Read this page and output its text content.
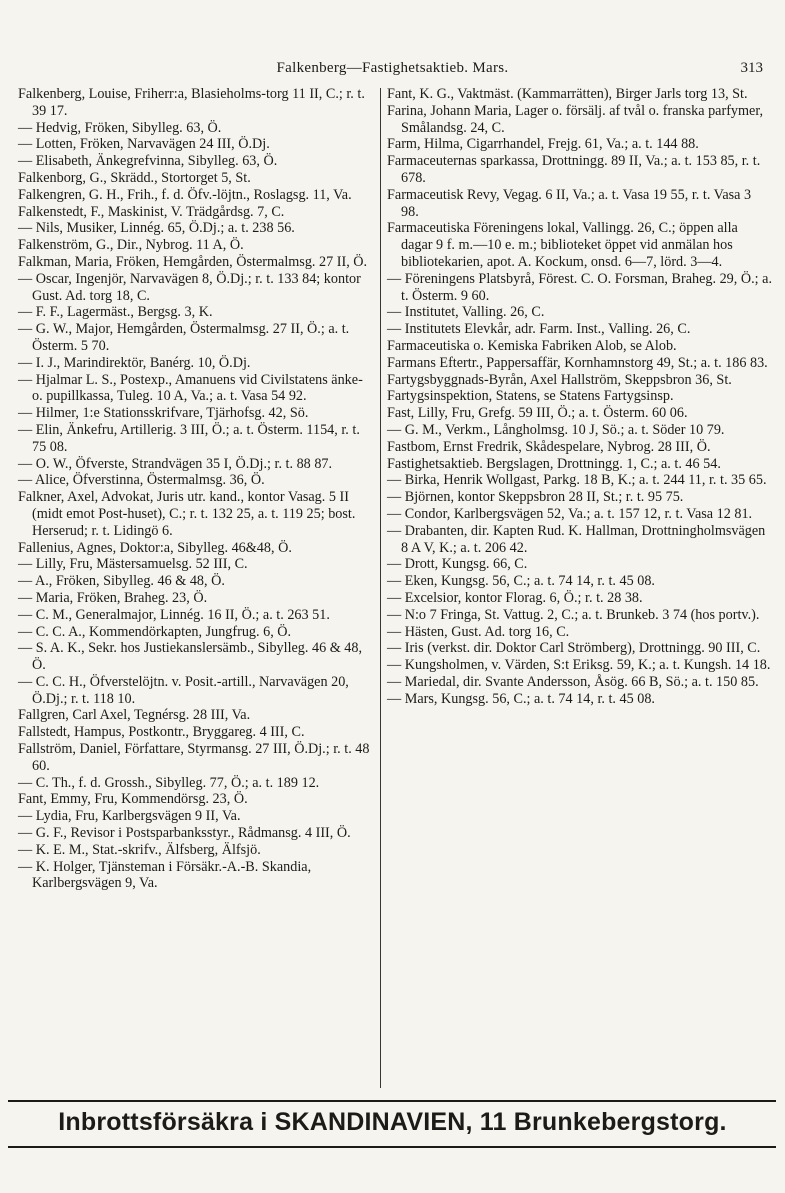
Falkenberg—Fastighetsaktieb. Mars.	313

Falkenberg, Louise, Friherr:a, Blasieholms-torg 11 II, C.; r. t. 39 17.

— Hedvig, Fröken, Sibylleg. 63, Ö.

— Lotten, Fröken, Narvavägen 24 III, Ö.Dj.

— Elisabeth, Änkegrefvinna, Sibylleg. 63, Ö.

Falkenborg, G., Skrädd., Stortorget 5, St.

Falkengren, G. H., Frih., f. d. Öfv.-löjtn., Roslagsg. 11, Va.

Falkenstedt, F., Maskinist, V. Trädgårdsg. 7, C.

— Nils, Musiker, Linnég. 65, Ö.Dj.; a. t. 238 56.

Falkenström, G., Dir., Nybrog. 11 A, Ö.

Falkman, Maria, Fröken, Hemgården, Östermalmsg. 27 II, Ö.

— Oscar, Ingenjör, Narvavägen 8, Ö.Dj.; r. t. 133 84; kontor Gust. Ad. torg 18, C.

— F. F., Lagermäst., Bergsg. 3, K.

— G. W., Major, Hemgården, Östermalmsg. 27 II, Ö.; a. t. Österm. 5 70.

— I. J., Marindirektör, Banérg. 10, Ö.Dj.

— Hjalmar L. S., Postexp., Amanuens vid Civilstatens änke- o. pupillkassa, Tuleg. 10 A, Va.; a. t. Vasa 54 92.

— Hilmer, 1:e Stationsskrifvare, Tjärhofsg. 42, Sö.

— Elin, Änkefru, Artillerig. 3 III, Ö.; a. t. Österm. 1154, r. t. 75 08.

— O. W., Öfverste, Strandvägen 35 I, Ö.Dj.; r. t. 88 87.

— Alice, Öfverstinna, Östermalmsg. 36, Ö.

Falkner, Axel, Advokat, Juris utr. kand., kontor Vasag. 5 II (midt emot Post-huset), C.; r. t. 132 25, a. t. 119 25; bost. Herserud; r. t. Lidingö 6.

Fallenius, Agnes, Doktor:a, Sibylleg. 46&48, Ö.

— Lilly, Fru, Mästersamuelsg. 52 III, C.

— A., Fröken, Sibylleg. 46 & 48, Ö.

— Maria, Fröken, Braheg. 23, Ö.

— C. M., Generalmajor, Linnég. 16 II, Ö.; a. t. 263 51.

— C. C. A., Kommendörkapten, Jungfrug. 6, Ö.

— S. A. K., Sekr. hos Justiekanslersämb., Sibylleg. 46 & 48, Ö.

— C. C. H., Öfverstelöjtn. v. Posit.-artill., Narvavägen 20, Ö.Dj.; r. t. 118 10.

Fallgren, Carl Axel, Tegnérsg. 28 III, Va.

Fallstedt, Hampus, Postkontr., Bryggareg. 4 III, C.

Fallström, Daniel, Författare, Styrmansg. 27 III, Ö.Dj.; r. t. 48 60.

— C. Th., f. d. Grossh., Sibylleg. 77, Ö.; a. t. 189 12.

Fant, Emmy, Fru, Kommendörsg. 23, Ö.

— Lydia, Fru, Karlbergsvägen 9 II, Va.

— G. F., Revisor i Postsparbanksstyr., Rådmansg. 4 III, Ö.

— K. E. M., Stat.-skrifv., Älfsberg, Älfsjö.

— K. Holger, Tjänsteman i Försäkr.-A.-B. Skandia, Karlbergsvägen 9, Va.

Fant, K. G., Vaktmäst. (Kammarrätten), Birger Jarls torg 13, St.

Farina, Johann Maria, Lager o. försälj. af tvål o. franska parfymer, Smålandsg. 24, C.

Farm, Hilma, Cigarrhandel, Frejg. 61, Va.; a. t. 144 88.

Farmaceuternas sparkassa, Drottningg. 89 II, Va.; a. t. 153 85, r. t. 678.

Farmaceutisk Revy, Vegag. 6 II, Va.; a. t. Vasa 19 55, r. t. Vasa 3 98.

Farmaceutiska Föreningens lokal, Vallingg. 26, C.; öppen alla dagar 9 f. m.—10 e. m.; biblioteket öppet vid anmälan hos bibliotekarien, apot. A. Kockum, onsd. 6—7, lörd. 3—4.

— Föreningens Platsbyrå, Förest. C. O. Forsman, Braheg. 29, Ö.; a. t. Österm. 9 60.

— Institutet, Valling. 26, C.

— Institutets Elevkår, adr. Farm. Inst., Valling. 26, C.

Farmaceutiska o. Kemiska Fabriken Alob, se Alob.

Farmans Eftertr., Pappersaffär, Kornhamnstorg 49, St.; a. t. 186 83.

Fartygsbyggnads-Byrån, Axel Hallström, Skeppsbron 36, St.

Fartygsinspektion, Statens, se Statens Fartygsinsp.

Fast, Lilly, Fru, Grefg. 59 III, Ö.; a. t. Österm. 60 06.

— G. M., Verkm., Långholmsg. 10 J, Sö.; a. t. Söder 10 79.

Fastbom, Ernst Fredrik, Skådespelare, Nybrog. 28 III, Ö.

Fastighetsaktieb. Bergslagen, Drottningg. 1, C.; a. t. 46 54.

— Birka, Henrik Wollgast, Parkg. 18 B, K.; a. t. 244 11, r. t. 35 65.

— Björnen, kontor Skeppsbron 28 II, St.; r. t. 95 75.

— Condor, Karlbergsvägen 52, Va.; a. t. 157 12, r. t. Vasa 12 81.

— Drabanten, dir. Kapten Rud. K. Hallman, Drottningholmsvägen 8 A V, K.; a. t. 206 42.

— Drott, Kungsg. 66, C.

— Eken, Kungsg. 56, C.; a. t. 74 14, r. t. 45 08.

— Excelsior, kontor Florag. 6, Ö.; r. t. 28 38.

— N:o 7 Fringa, St. Vattug. 2, C.; a. t. Brunkeb. 3 74 (hos portv.).

— Hästen, Gust. Ad. torg 16, C.

— Iris (verkst. dir. Doktor Carl Strömberg), Drottningg. 90 III, C.

— Kungsholmen, v. Värden, S:t Eriksg. 59, K.; a. t. Kungsh. 14 18.

— Mariedal, dir. Svante Andersson, Åsög. 66 B, Sö.; a. t. 150 85.

— Mars, Kungsg. 56, C.; a. t. 74 14, r. t. 45 08.

Inbrottsförsäkra i SKANDINAVIEN, 11 Brunkebergstorg.
